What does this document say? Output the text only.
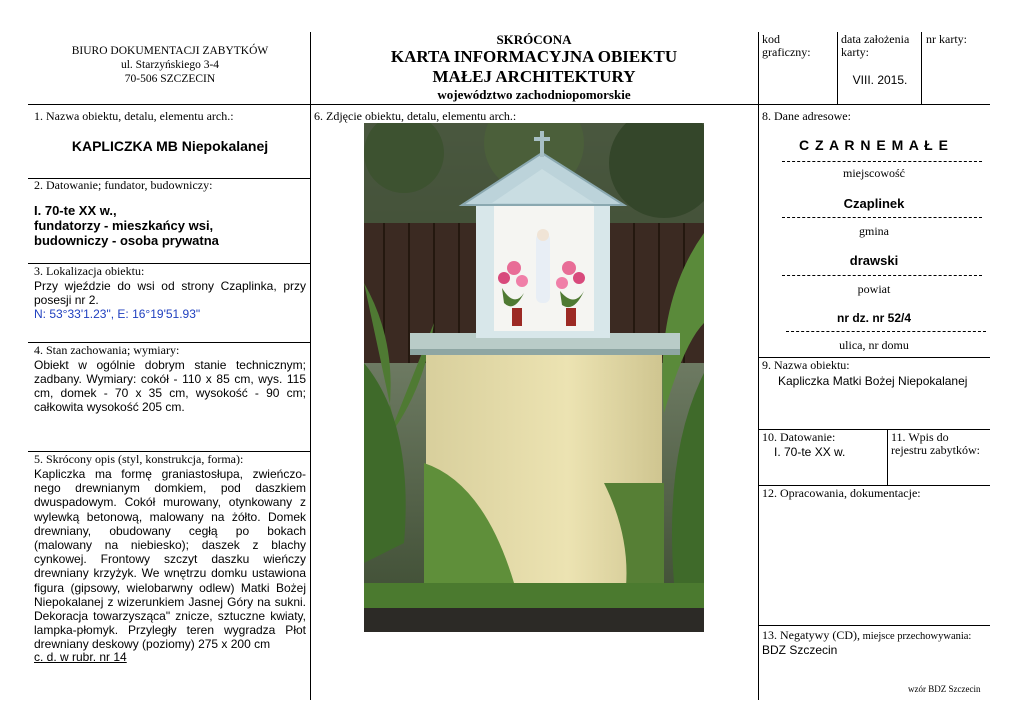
BIURO DOKUMENTACJI ZABYTKÓW
ul. Starzyńskiego 3-4
70-506 SZCZECIN
SKRÓCONA
KARTA INFORMACYJNA OBIEKTU
MAŁEJ ARCHITEKTURY
województwo zachodniopomorskie
kod graficzny:
data założenia karty:
VIII. 2015.
nr karty:
1. Nazwa obiektu, detalu, elementu arch.:
KAPLICZKA MB Niepokalanej
2. Datowanie; fundator, budowniczy:
I. 70-te XX w.,
fundatorzy - mieszkańcy wsi,
budowniczy - osoba prywatna
3. Lokalizacja obiektu:
Przy wjeździe do wsi od strony Czaplinka, przy posesji nr 2.
N: 53°33'1.23", E: 16°19'51.93"
4. Stan zachowania; wymiary:
Obiekt w ogólnie dobrym stanie technicznym; zadbany. Wymiary: cokół - 110 x 85 cm, wys. 115 cm, domek - 70 x 35 cm, wysokość - 90 cm; całkowita wysokość 205 cm.
5. Skrócony opis (styl, konstrukcja, forma):
Kapliczka ma formę graniastosłupa, zwieńczo-nego drewnianym domkiem, pod daszkiem dwuspadowym. Cokół murowany, otynkowany z wylewką betonową, malowany na żółto. Domek drewniany, obudowany cegłą po bokach (malowany na niebiesko); daszek z blachy cynkowej. Frontowy szczyt daszku wieńczy drewniany krzyżyk. We wnętrzu domku ustawiona figura (gipsowy, wielobarwny odlew) Matki Bożej Niepokalanej z wizerunkiem Jasnej Góry na sukni. Dekoracja towarzysząca" znicze, sztuczne kwiaty, lampka-płomyk. Przyległy teren wygradza Płot drewniany deskowy (poziomy) 275 x 200 cm
c. d. w rubr. nr 14
6. Zdjęcie obiektu, detalu, elementu arch.:	8. Dane adresowe:
C Z A R N E M A Ł E
miejscowość
Czaplinek
gmina
drawski
powiat
nr dz. nr 52/4
ulica, nr domu
9. Nazwa obiektu:
Kapliczka Matki Bożej Niepokalanej
10. Datowanie:
I. 70-te XX w.
11. Wpis do rejestru zabytków:
12. Opracowania, dokumentacje:
13. Negatywy (CD), miejsce przechowywania:
BDZ Szczecin
wzór BDZ Szczecin
